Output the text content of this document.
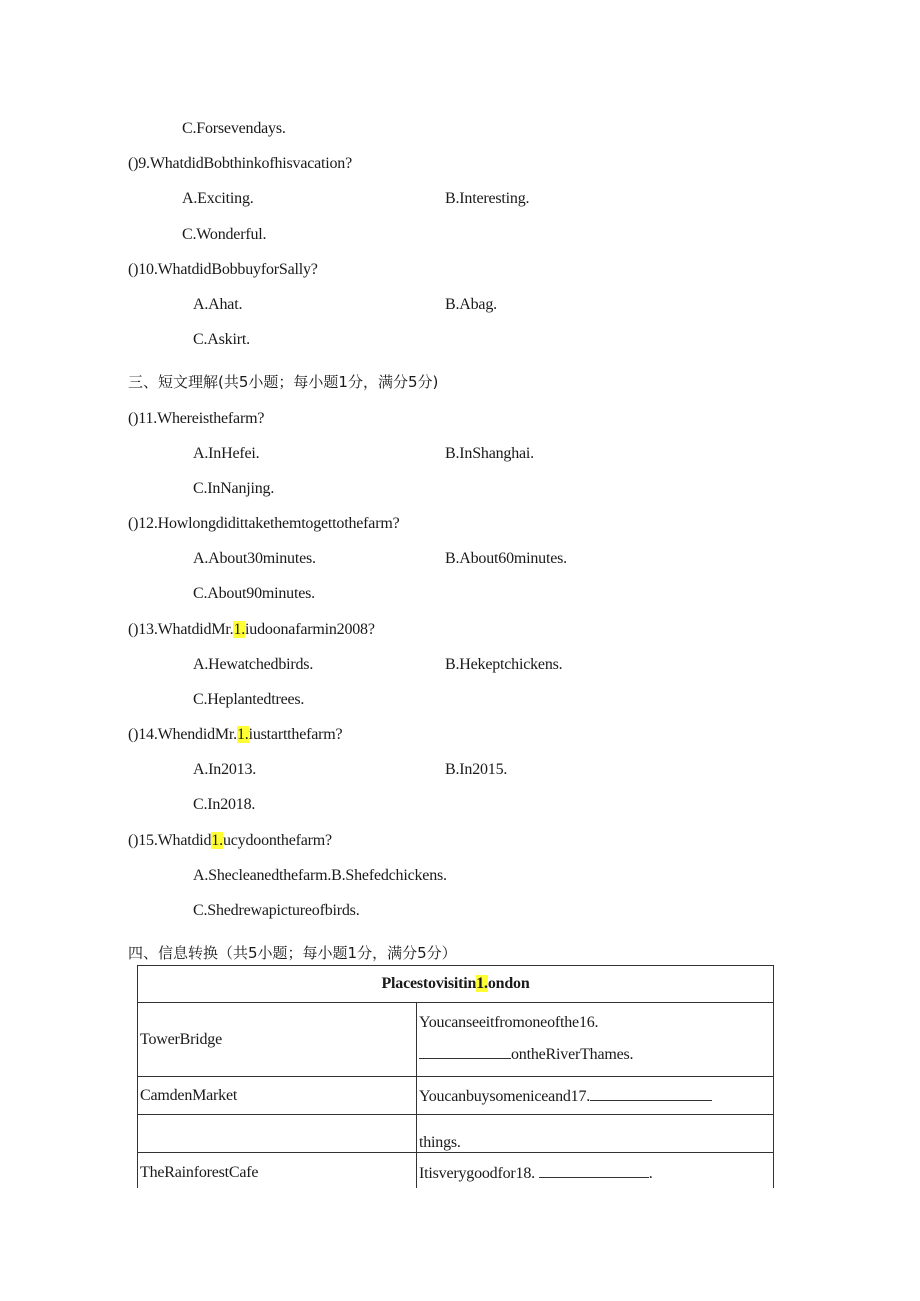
C.Forsevendays.
()9.WhatdidBobthinkofhisvacation?
A.Exciting.	B.Interesting.
C.Wonderful.
()10.WhatdidBobbuyforSally?
A.Ahat.	B.Abag.
C.Askirt.
三、短文理解(共5小题；每小题1分，满分5分)
()11.Whereisthefarm?
A.InHefei.	B.InShanghai.
C.InNanjing.
()12.Howlongdidittakethemtogettothefarm?
A.About30minutes.	B.About60minutes.
C.About90minutes.
()13.WhatdidMr.1.iudoonafarmin2008?
A.Hewatchedbirds.	B.Hekeptchickens.
C.Heplantedtrees.
()14.WhendidMr.1.iustartthefarm?
A.In2013.	B.In2015.
C.In2018.
()15.Whatdid1.ucydoonthefarm?
A.Shecleanedthefarm.B.Shefedchickens.
C.Shedrewapictureofbirds.
四、信息转换（共5小题；每小题1分，满分5分）
Placestovisitin1.ondon	
TowerBridge	Youcanseeitfromoneofthe16.
ontheRiverThames.

CamdenMarket	Youcanbuysomeniceand17.
	things.
TheRainforestCafe	Itisverygoodfor18. .
